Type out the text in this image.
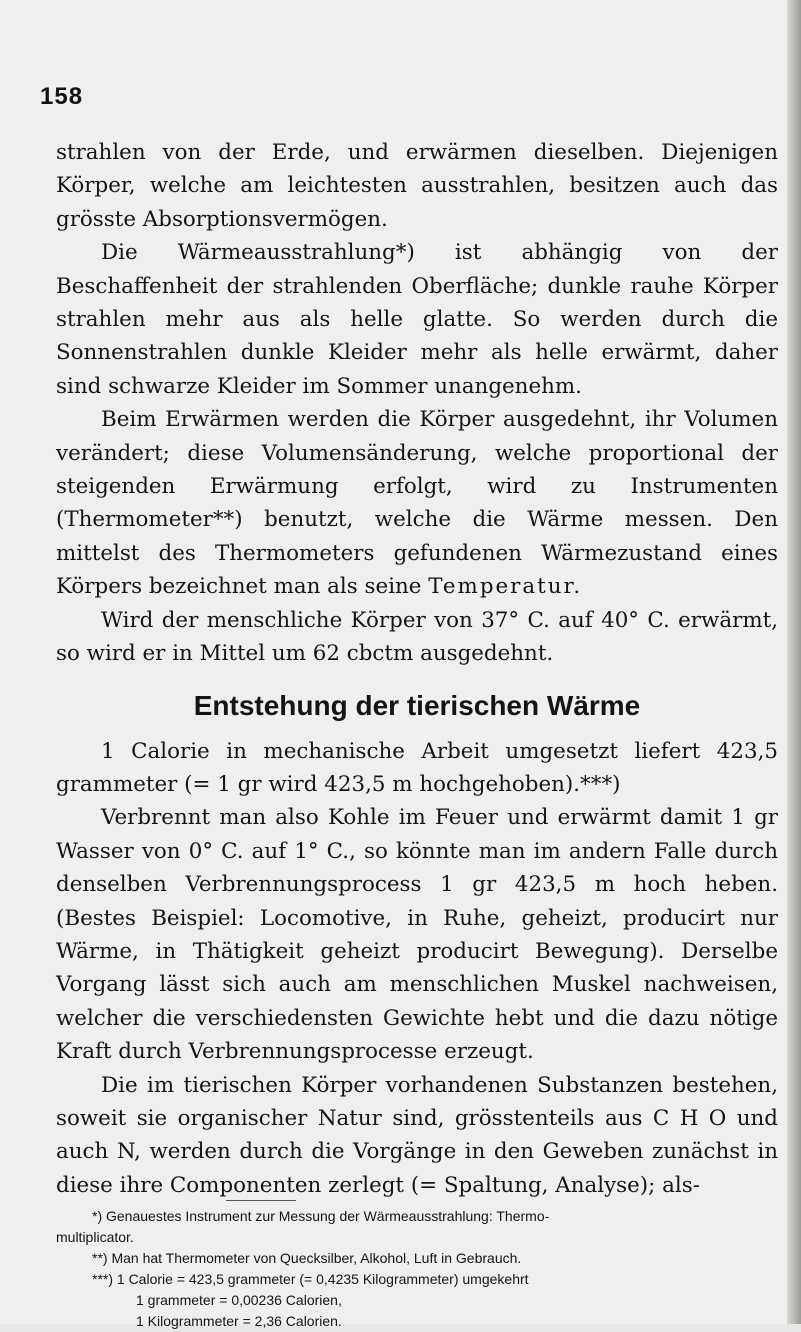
158

strahlen von der Erde, und erwärmen dieselben. Diejenigen Körper, welche am leichtesten ausstrahlen, besitzen auch das grösste Absorptionsvermögen.

Die Wärmeausstrahlung*) ist abhängig von der Beschaffenheit der strahlenden Oberfläche; dunkle rauhe Körper strahlen mehr aus als helle glatte. So werden durch die Sonnenstrahlen dunkle Kleider mehr als helle erwärmt, daher sind schwarze Kleider im Sommer unangenehm.

Beim Erwärmen werden die Körper ausgedehnt, ihr Volumen verändert; diese Volumensänderung, welche proportional der steigenden Erwärmung erfolgt, wird zu Instrumenten (Thermometer**) benutzt, welche die Wärme messen. Den mittelst des Thermometers gefundenen Wärmezustand eines Körpers bezeichnet man als seine Temperatur.

Wird der menschliche Körper von 37° C. auf 40° C. erwärmt, so wird er in Mittel um 62 cbctm ausgedehnt.

Entstehung der tierischen Wärme

1 Calorie in mechanische Arbeit umgesetzt liefert 423,5 grammeter (= 1 gr wird 423,5 m hochgehoben).***)

Verbrennt man also Kohle im Feuer und erwärmt damit 1 gr Wasser von 0° C. auf 1° C., so könnte man im andern Falle durch denselben Verbrennungsprocess 1 gr 423,5 m hoch heben. (Bestes Beispiel: Locomotive, in Ruhe, geheizt, producirt nur Wärme, in Thätigkeit geheizt producirt Bewegung). Derselbe Vorgang lässt sich auch am menschlichen Muskel nachweisen, welcher die verschiedensten Gewichte hebt und die dazu nötige Kraft durch Verbrennungsprocesse erzeugt.

Die im tierischen Körper vorhandenen Substanzen bestehen, soweit sie organischer Natur sind, grösstenteils aus C H O und auch N, werden durch die Vorgänge in den Geweben zunächst in diese ihre Componenten zerlegt (= Spaltung, Analyse); als-

*) Genauestes Instrument zur Messung der Wärmeausstrahlung: Thermo-

multiplicator.

**) Man hat Thermometer von Quecksilber, Alkohol, Luft in Gebrauch.

***) 1 Calorie = 423,5 grammeter (= 0,4235 Kilogrammeter) umgekehrt

1 grammeter = 0,00236 Calorien,

1 Kilogrammeter = 2,36 Calorien.
